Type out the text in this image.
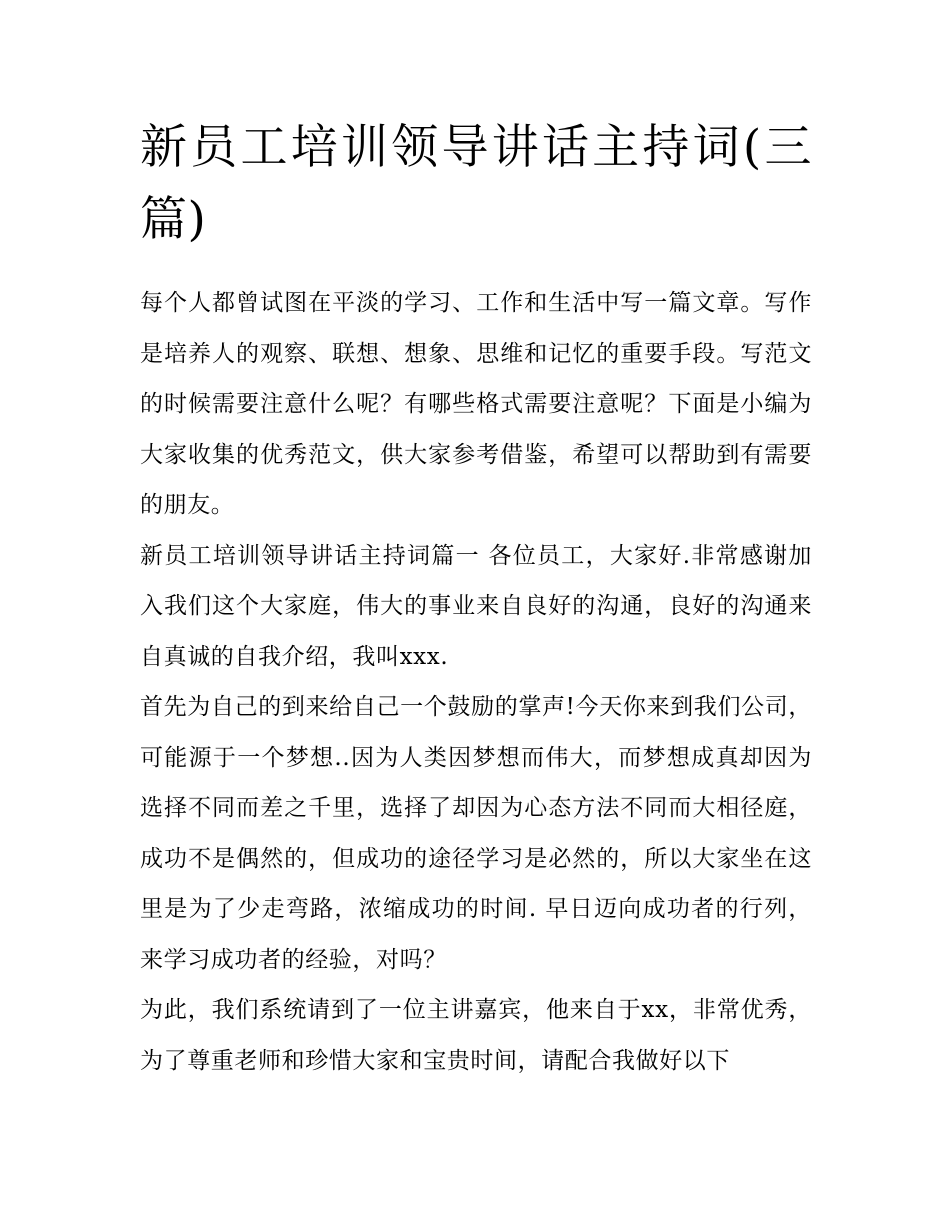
新员工培训领导讲话主持词(三篇)

每个人都曾试图在平淡的学习、工作和生活中写一篇文章。写作是培养人的观察、联想、想象、思维和记忆的重要手段。写范文的时候需要注意什么呢？有哪些格式需要注意呢？下面是小编为大家收集的优秀范文，供大家参考借鉴，希望可以帮助到有需要的朋友。

新员工培训领导讲话主持词篇一 各位员工，大家好.非常感谢加入我们这个大家庭，伟大的事业来自良好的沟通，良好的沟通来自真诚的自我介绍，我叫xxx.

首先为自己的到来给自己一个鼓励的掌声!今天你来到我们公司，可能源于一个梦想..因为人类因梦想而伟大，而梦想成真却因为选择不同而差之千里，选择了却因为心态方法不同而大相径庭，成功不是偶然的，但成功的途径学习是必然的，所以大家坐在这里是为了少走弯路，浓缩成功的时间. 早日迈向成功者的行列，来学习成功者的经验，对吗？

为此，我们系统请到了一位主讲嘉宾，他来自于xx，非常优秀，为了尊重老师和珍惜大家和宝贵时间，请配合我做好以下
